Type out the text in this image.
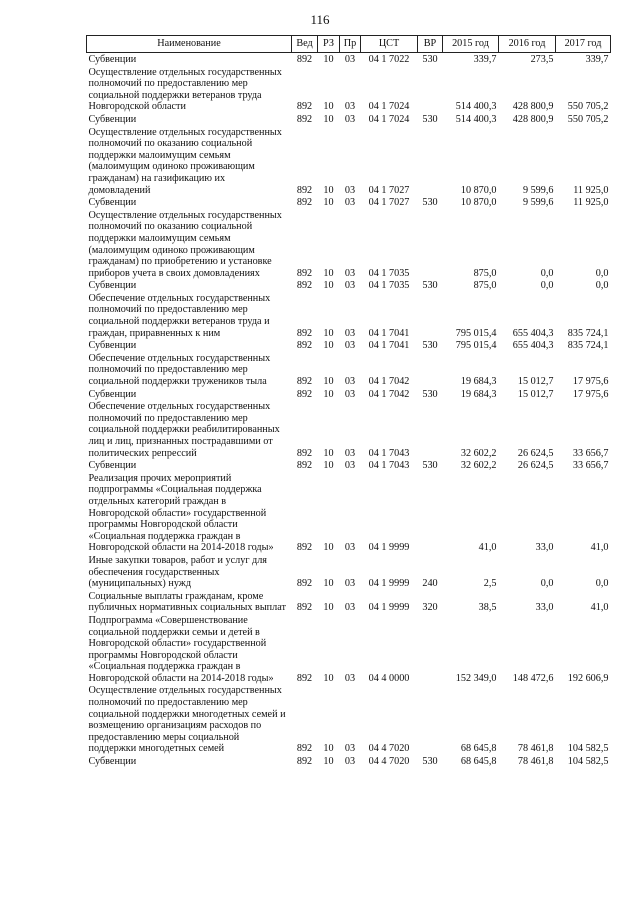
116
Наименование	Вед	РЗ	Пр	ЦСТ	ВР	2015 год	2016 год	2017 год
Субвенции	892	10	03	04 1 7022	530	339,7	273,5	339,7
Осуществление отдельных государственных полномочий по предоставлению мер социальной поддержки ветеранов труда Новгородской области	892	10	03	04 1 7024		514 400,3	428 800,9	550 705,2
Субвенции	892	10	03	04 1 7024	530	514 400,3	428 800,9	550 705,2
Осуществление отдельных государственных полномочий по оказанию социальной поддержки малоимущим семьям (малоимущим одиноко проживающим гражданам) на газификацию их домовладений	892	10	03	04 1 7027		10 870,0	9 599,6	11 925,0
Субвенции	892	10	03	04 1 7027	530	10 870,0	9 599,6	11 925,0
Осуществление отдельных государственных полномочий по оказанию социальной поддержки малоимущим семьям (малоимущим одиноко проживающим гражданам) по приобретению и установке приборов учета в своих домовладениях	892	10	03	04 1 7035		875,0	0,0	0,0
Субвенции	892	10	03	04 1 7035	530	875,0	0,0	0,0
Обеспечение отдельных государственных полномочий по предоставлению мер социальной поддержки ветеранов труда и граждан, приравненных к ним	892	10	03	04 1 7041		795 015,4	655 404,3	835 724,1
Субвенции	892	10	03	04 1 7041	530	795 015,4	655 404,3	835 724,1
Обеспечение отдельных государственных полномочий по предоставлению мер социальной поддержки тружеников тыла	892	10	03	04 1 7042		19 684,3	15 012,7	17 975,6
Субвенции	892	10	03	04 1 7042	530	19 684,3	15 012,7	17 975,6
Обеспечение отдельных государственных полномочий по предоставлению мер социальной поддержки реабилитированных лиц и лиц, признанных пострадавшими от политических репрессий	892	10	03	04 1 7043		32 602,2	26 624,5	33 656,7
Субвенции	892	10	03	04 1 7043	530	32 602,2	26 624,5	33 656,7
Реализация прочих мероприятий подпрограммы «Социальная поддержка отдельных категорий граждан в Новгородской области» государственной программы Новгородской области «Социальная поддержка граждан в Новгородской области на 2014-2018 годы»	892	10	03	04 1 9999		41,0	33,0	41,0
Иные закупки товаров, работ и услуг для обеспечения государственных (муниципальных) нужд	892	10	03	04 1 9999	240	2,5	0,0	0,0
Социальные выплаты гражданам, кроме публичных нормативных социальных выплат	892	10	03	04 1 9999	320	38,5	33,0	41,0
Подпрограмма «Совершенствование социальной поддержки семьи и детей в Новгородской области» государственной программы Новгородской области «Социальная поддержка граждан в Новгородской области на 2014-2018 годы»	892	10	03	04 4 0000		152 349,0	148 472,6	192 606,9
Осуществление отдельных государственных полномочий по предоставлению мер социальной поддержки многодетных семей и возмещению организациям расходов по предоставлению меры социальной поддержки многодетных семей	892	10	03	04 4 7020		68 645,8	78 461,8	104 582,5
Субвенции	892	10	03	04 4 7020	530	68 645,8	78 461,8	104 582,5
